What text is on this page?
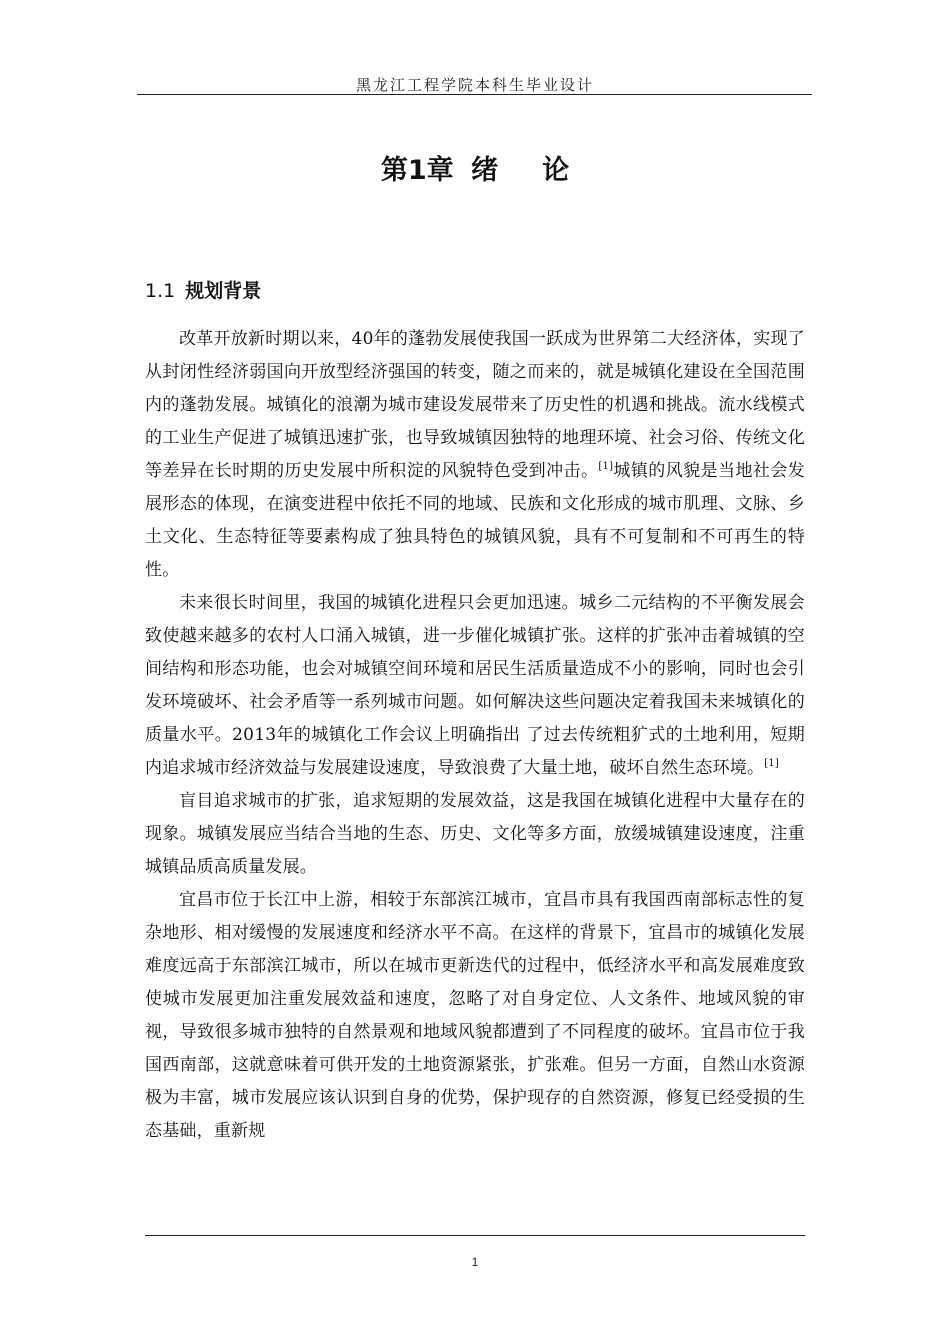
黑龙江工程学院本科生毕业设计
第1章 绪 论
1.1 规划背景

改革开放新时期以来，40年的蓬勃发展使我国一跃成为世界第二大经济体，实现了从封闭性经济弱国向开放型经济强国的转变，随之而来的，就是城镇化建设在全国范围内的蓬勃发展。城镇化的浪潮为城市建设发展带来了历史性的机遇和挑战。流水线模式的工业生产促进了城镇迅速扩张，也导致城镇因独特的地理环境、社会习俗、传统文化等差异在长时期的历史发展中所积淀的风貌特色受到冲击。[1]城镇的风貌是当地社会发展形态的体现，在演变进程中依托不同的地域、民族和文化形成的城市肌理、文脉、乡土文化、生态特征等要素构成了独具特色的城镇风貌，具有不可复制和不可再生的特性。

未来很长时间里，我国的城镇化进程只会更加迅速。城乡二元结构的不平衡发展会致使越来越多的农村人口涌入城镇，进一步催化城镇扩张。这样的扩张冲击着城镇的空间结构和形态功能，也会对城镇空间环境和居民生活质量造成不小的影响，同时也会引发环境破坏、社会矛盾等一系列城市问题。如何解决这些问题决定着我国未来城镇化的质量水平。2013年的城镇化工作会议上明确指出 了过去传统粗犷式的土地利用，短期内追求城市经济效益与发展建设速度，导致浪费了大量土地，破坏自然生态环境。[1]

盲目追求城市的扩张，追求短期的发展效益，这是我国在城镇化进程中大量存在的现象。城镇发展应当结合当地的生态、历史、文化等多方面，放缓城镇建设速度，注重城镇品质高质量发展。

宜昌市位于长江中上游，相较于东部滨江城市，宜昌市具有我国西南部标志性的复杂地形、相对缓慢的发展速度和经济水平不高。在这样的背景下，宜昌市的城镇化发展难度远高于东部滨江城市，所以在城市更新迭代的过程中，低经济水平和高发展难度致使城市发展更加注重发展效益和速度，忽略了对自身定位、人文条件、地域风貌的审视，导致很多城市独特的自然景观和地域风貌都遭到了不同程度的破坏。宜昌市位于我国西南部，这就意味着可供开发的土地资源紧张，扩张难。但另一方面，自然山水资源极为丰富，城市发展应该认识到自身的优势，保护现存的自然资源，修复已经受损的生态基础，重新规

1
